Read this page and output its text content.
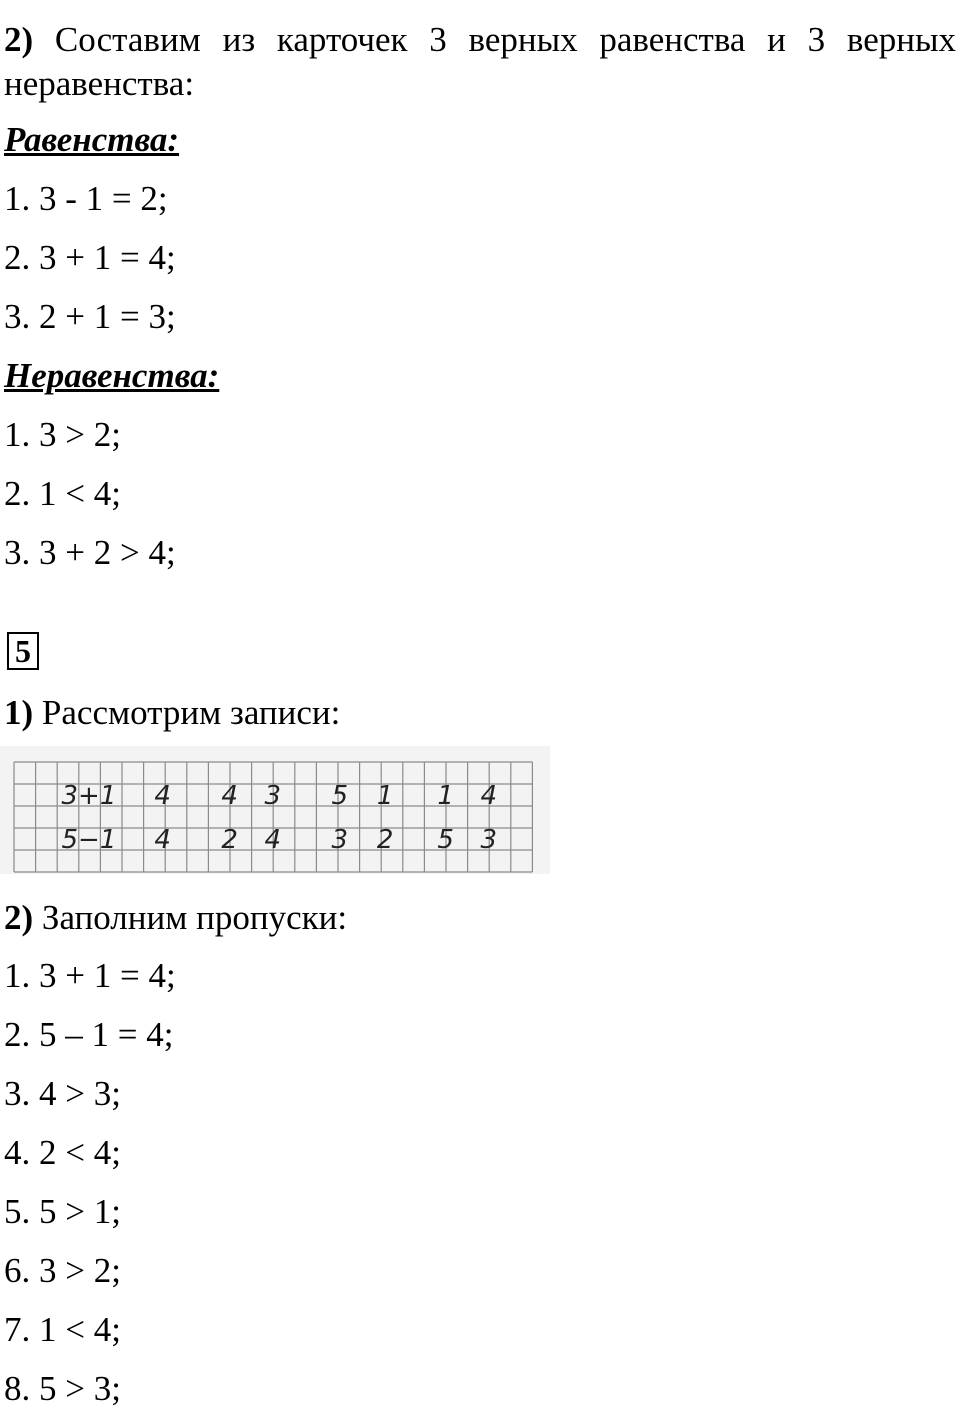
2) Составим из карточек 3 верных равенства и 3 верных неравенства:
Равенства:
1. 3 - 1 = 2;
2. 3 + 1 = 4;
3. 2 + 1 = 3;
Неравенства:
1. 3 > 2;
2. 1 < 4;
3. 3 + 2 > 4;
5
1) Рассмотрим записи:
3+1 4 4 3 5 1 1 4
5−1 4 2 4 3 2 5 3
2) Заполним пропуски:
1. 3 + 1 = 4;
2. 5 – 1 = 4;
3. 4 > 3;
4. 2 < 4;
5. 5 > 1;
6. 3 > 2;
7. 1 < 4;
8. 5 > 3;
